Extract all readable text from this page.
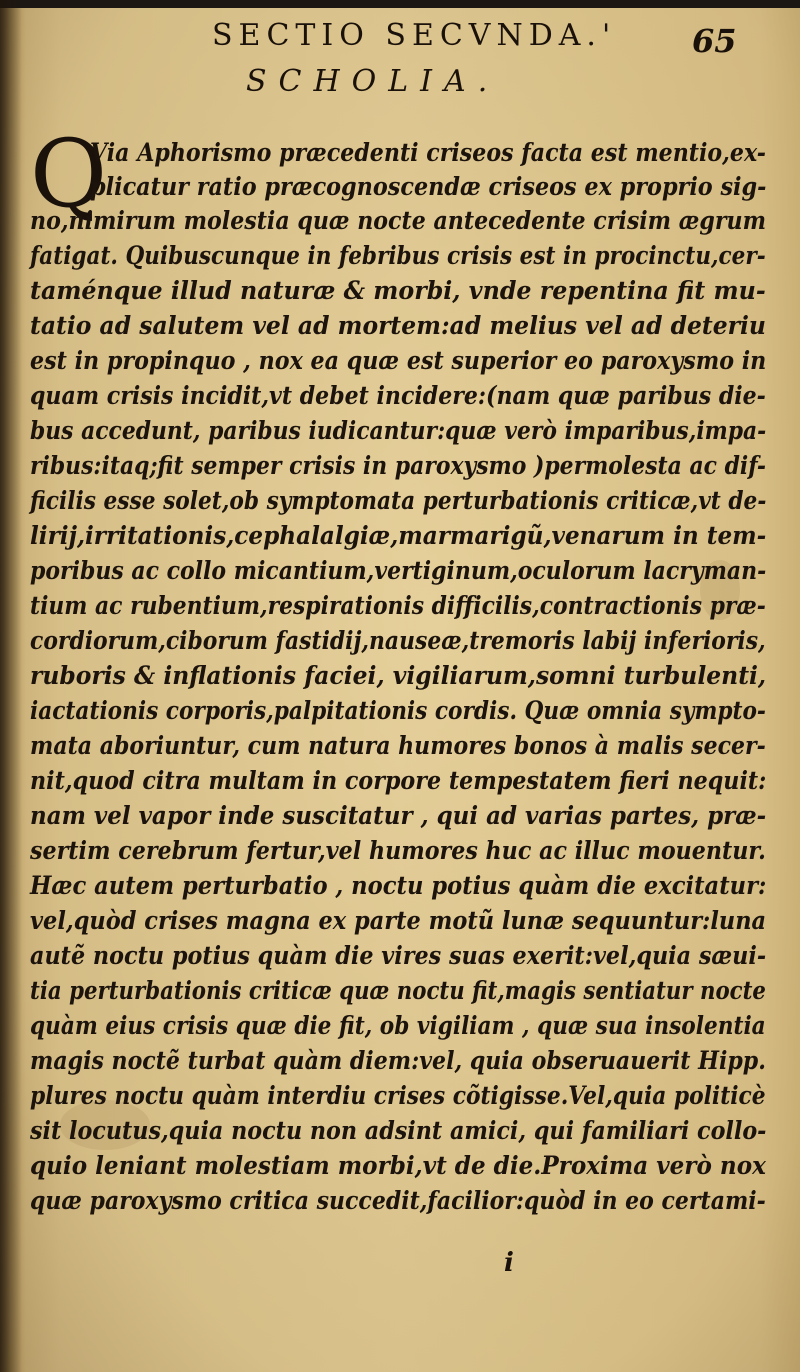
SECTIO SECVNDA.' 65
SCHOLIA.
Q
Via Aphorismo præcedenti criseos facta est mentio,ex-
plicatur ratio præcognoscendæ criseos ex proprio sig-
no,nimirum molestia quæ nocte antecedente crisim ægrum
fatigat. Quibuscunque in febribus crisis est in procinctu,cer-
taménque illud naturæ & morbi, vnde repentina fit mu-
tatio ad salutem vel ad mortem:ad melius vel ad deteriu
est in propinquo , nox ea quæ est superior eo paroxysmo in
quam crisis incidit,vt debet incidere:(nam quæ paribus die-
bus accedunt, paribus iudicantur:quæ verò imparibus,impa-
ribus:itaq;fit semper crisis in paroxysmo )permolesta ac dif-
ficilis esse solet,ob symptomata perturbationis criticæ,vt de-
lirij,irritationis,cephalalgiæ,marmarigũ,venarum in tem-
poribus ac collo micantium,vertiginum,oculorum lacryman-
tium ac rubentium,respirationis difficilis,contractionis præ-
cordiorum,ciborum fastidij,nauseæ,tremoris labij inferioris,
ruboris & inflationis faciei, vigiliarum,somni turbulenti,
iactationis corporis,palpitationis cordis. Quæ omnia sympto-
mata aboriuntur, cum natura humores bonos à malis secer-
nit,quod citra multam in corpore tempestatem fieri nequit:
nam vel vapor inde suscitatur , qui ad varias partes, præ-
sertim cerebrum fertur,vel humores huc ac illuc mouentur.
Hæc autem perturbatio , noctu potius quàm die excitatur:
vel,quòd crises magna ex parte motũ lunæ sequuntur:luna
autẽ noctu potius quàm die vires suas exerit:vel,quia sæui-
tia perturbationis criticæ quæ noctu fit,magis sentiatur nocte
quàm eius crisis quæ die fit, ob vigiliam , quæ sua insolentia
magis noctẽ turbat quàm diem:vel, quia obseruauerit Hipp.
plures noctu quàm interdiu crises cõtigisse.Vel,quia politicè
sit locutus,quia noctu non adsint amici, qui familiari collo-
quio leniant molestiam morbi,vt de die.Proxima verò nox
quæ paroxysmo critica succedit,facilior:quòd in eo certami-
i
